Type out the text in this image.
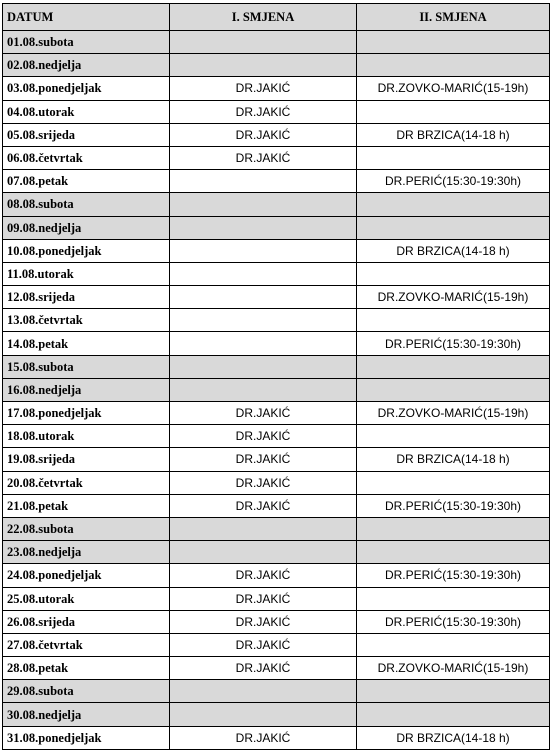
DATUM	I. SMJENA	II. SMJENA
01.08.subota		
02.08.nedjelja		
03.08.ponedjeljak	DR.JAKIĆ	DR.ZOVKO-MARIĆ(15-19h)
04.08.utorak	DR.JAKIĆ	
05.08.srijeda	DR.JAKIĆ	DR BRZICA(14-18 h)
06.08.četvrtak	DR.JAKIĆ	
07.08.petak		DR.PERIĆ(15:30-19:30h)
08.08.subota		
09.08.nedjelja		
10.08.ponedjeljak		DR BRZICA(14-18 h)
11.08.utorak		
12.08.srijeda		DR.ZOVKO-MARIĆ(15-19h)
13.08.četvrtak		
14.08.petak		DR.PERIĆ(15:30-19:30h)
15.08.subota		
16.08.nedjelja		
17.08.ponedjeljak	DR.JAKIĆ	DR.ZOVKO-MARIĆ(15-19h)
18.08.utorak	DR.JAKIĆ	
19.08.srijeda	DR.JAKIĆ	DR BRZICA(14-18 h)
20.08.četvrtak	DR.JAKIĆ	
21.08.petak	DR.JAKIĆ	DR.PERIĆ(15:30-19:30h)
22.08.subota		
23.08.nedjelja		
24.08.ponedjeljak	DR.JAKIĆ	DR.PERIĆ(15:30-19:30h)
25.08.utorak	DR.JAKIĆ	
26.08.srijeda	DR.JAKIĆ	DR.PERIĆ(15:30-19:30h)
27.08.četvrtak	DR.JAKIĆ	
28.08.petak	DR.JAKIĆ	DR.ZOVKO-MARIĆ(15-19h)
29.08.subota		
30.08.nedjelja		
31.08.ponedjeljak	DR.JAKIĆ	DR BRZICA(14-18 h)
